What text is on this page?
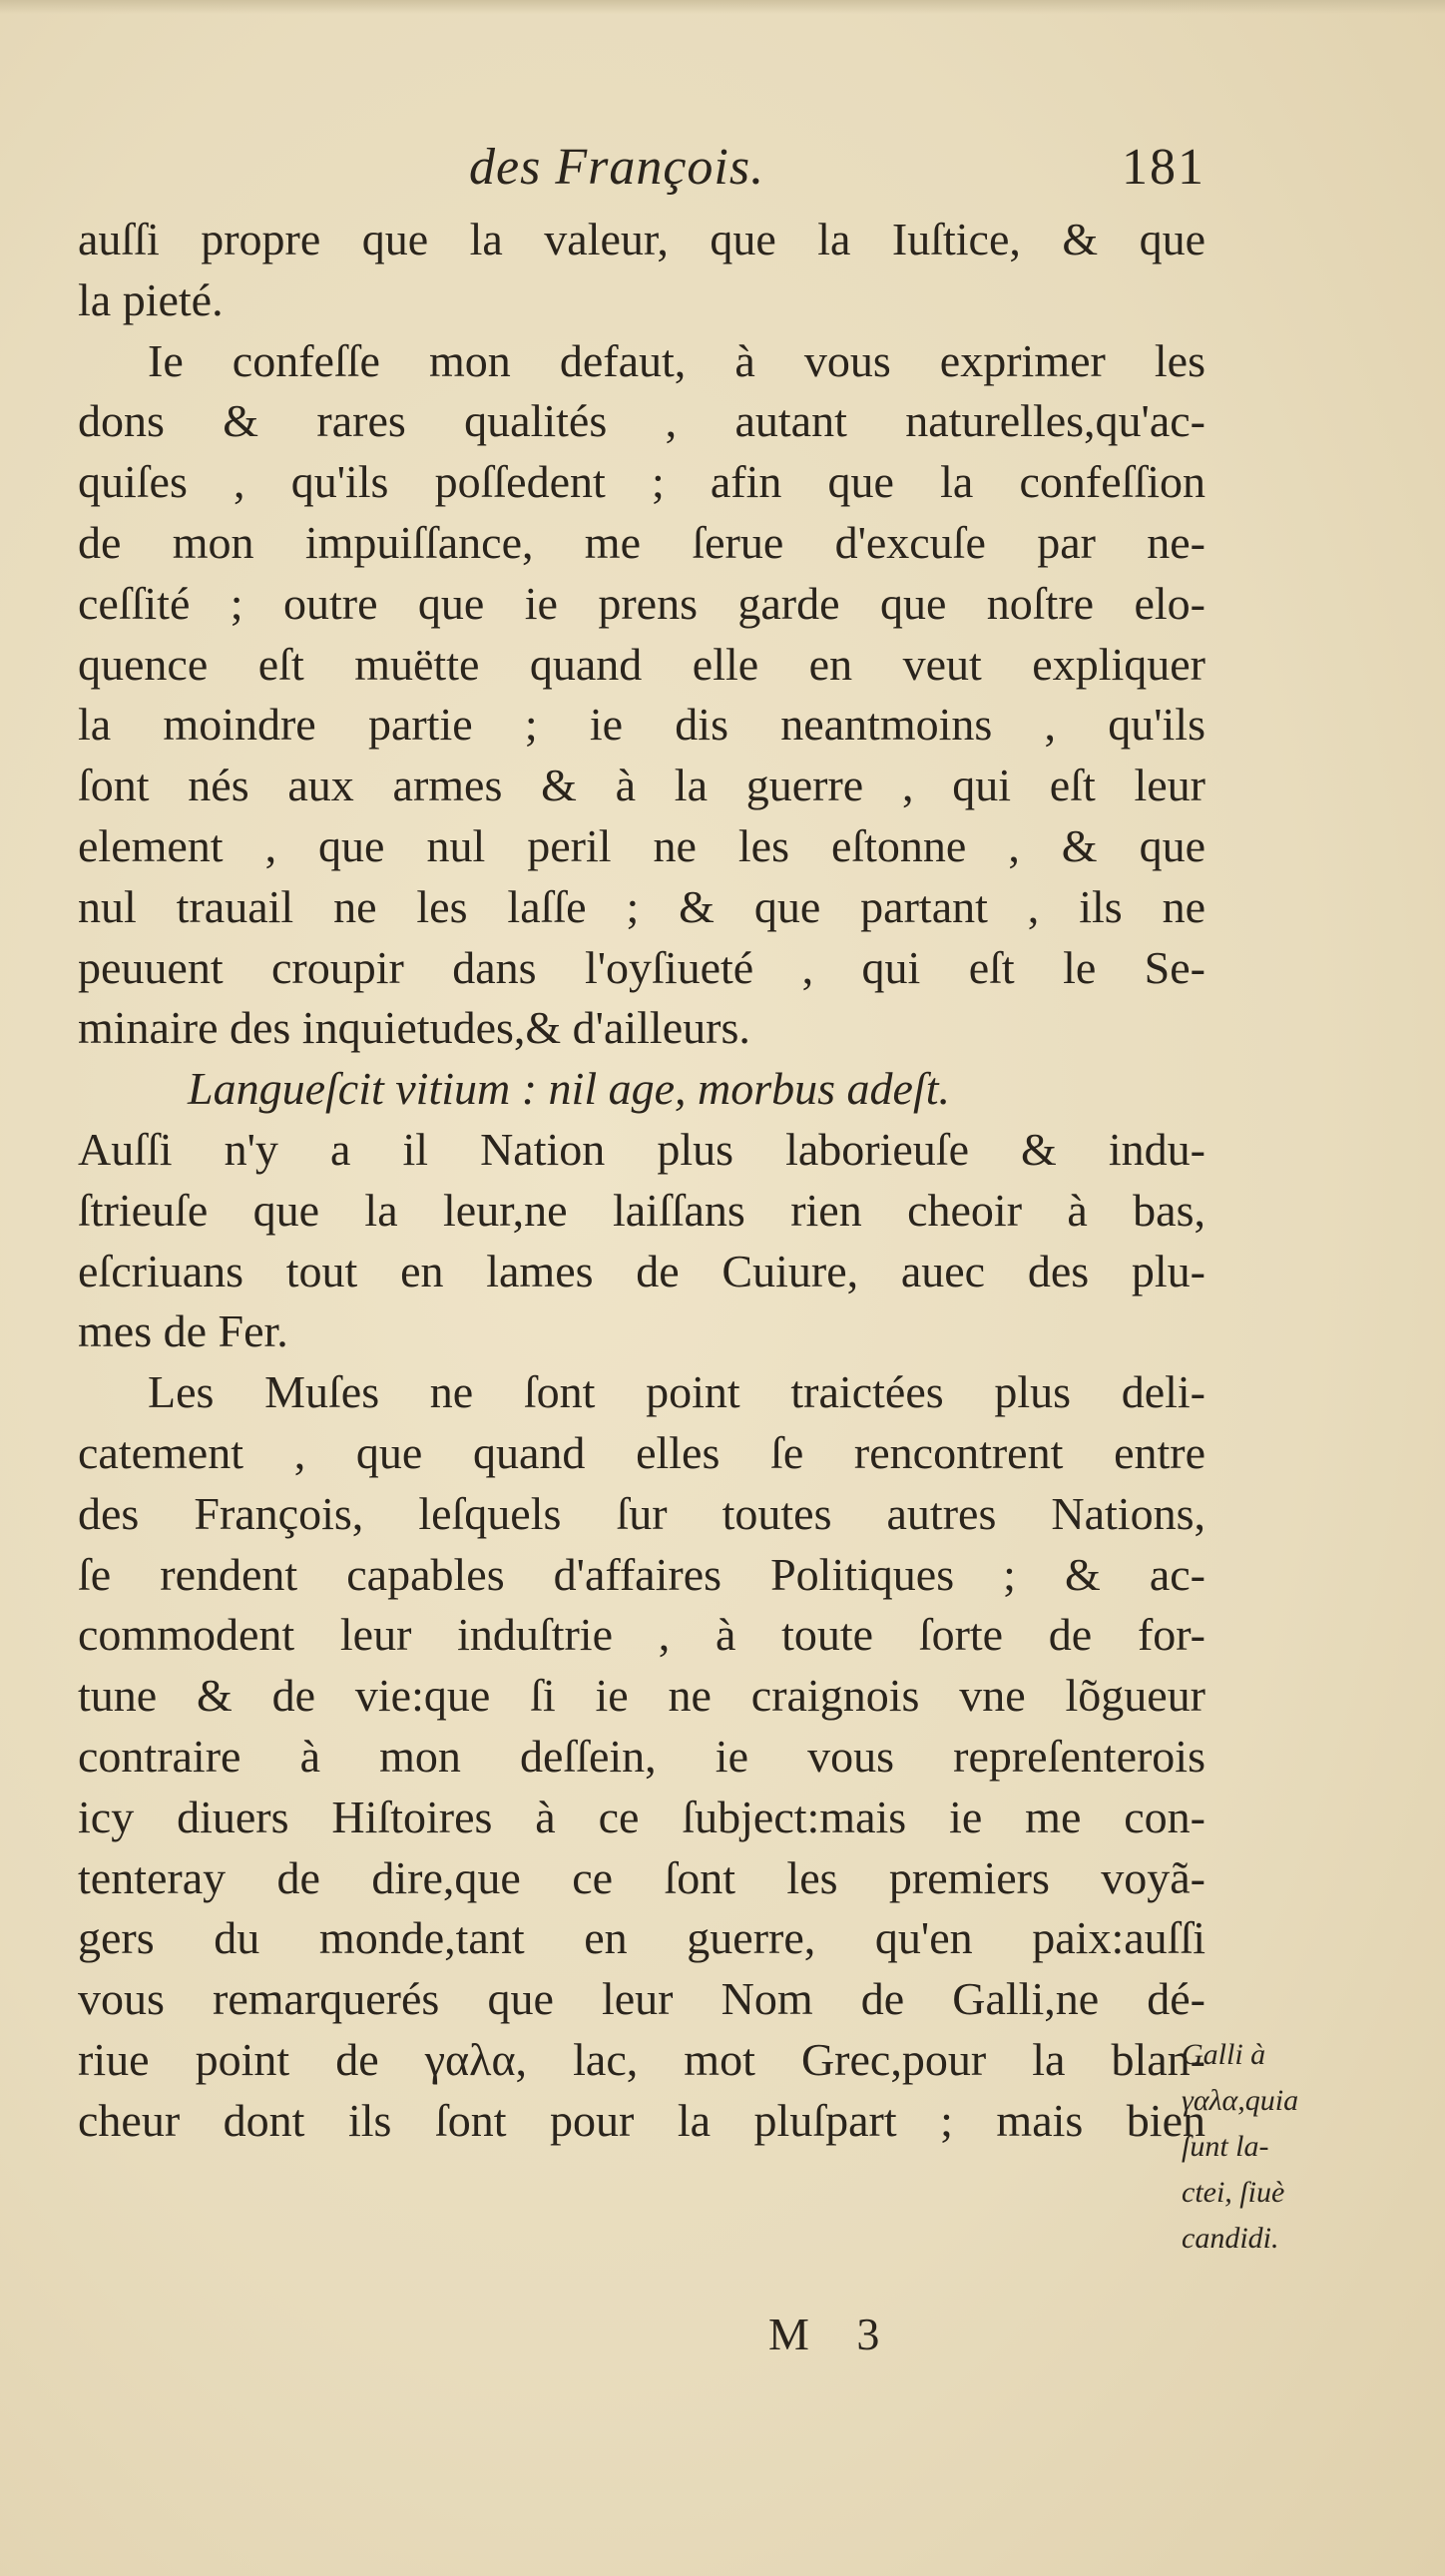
des François.	181
auſſi propre que la valeur, que la Iuſtice, & que
la pieté.
Ie confeſſe mon defaut, à vous exprimer les
dons & rares qualités , autant naturelles,qu'ac-
quiſes , qu'ils poſſedent ; afin que la confeſſion
de mon impuiſſance, me ſerue d'excuſe par ne-
ceſſité ; outre que ie prens garde que noſtre elo-
quence eſt muëtte quand elle en veut expliquer
la moindre partie ; ie dis neantmoins , qu'ils
ſont nés aux armes & à la guerre , qui eſt leur
element , que nul peril ne les eſtonne , & que
nul trauail ne les laſſe ; & que partant , ils ne
peuuent croupir dans l'oyſiueté , qui eſt le Se-
minaire des inquietudes,& d'ailleurs.
Langueſcit vitium : nil age, morbus adeſt.
Auſſi n'y a il Nation plus laborieuſe & indu-
ſtrieuſe que la leur,ne laiſſans rien cheoir à bas,
eſcriuans tout en lames de Cuiure, auec des plu-
mes de Fer.
Les Muſes ne ſont point traictées plus deli-
catement , que quand elles ſe rencontrent entre
des François, leſquels ſur toutes autres Nations,
ſe rendent capables d'affaires Politiques ; & ac-
commodent leur induſtrie , à toute ſorte de for-
tune & de vie:que ſi ie ne craignois vne lõgueur
contraire à mon deſſein, ie vous repreſenterois
icy diuers Hiſtoires à ce ſubject:mais ie me con-
tenteray de dire,que ce ſont les premiers voyã-
gers du monde,tant en guerre, qu'en paix:auſſi
vous remarquerés que leur Nom de Galli,ne dé-
riue point de γαλα, lac, mot Grec,pour la blan-
cheur dont ils ſont pour la pluſpart ; mais bien
Galli à
γαλα,quia
ſunt la-
ctei, ſiuè
candidi.
M 3
